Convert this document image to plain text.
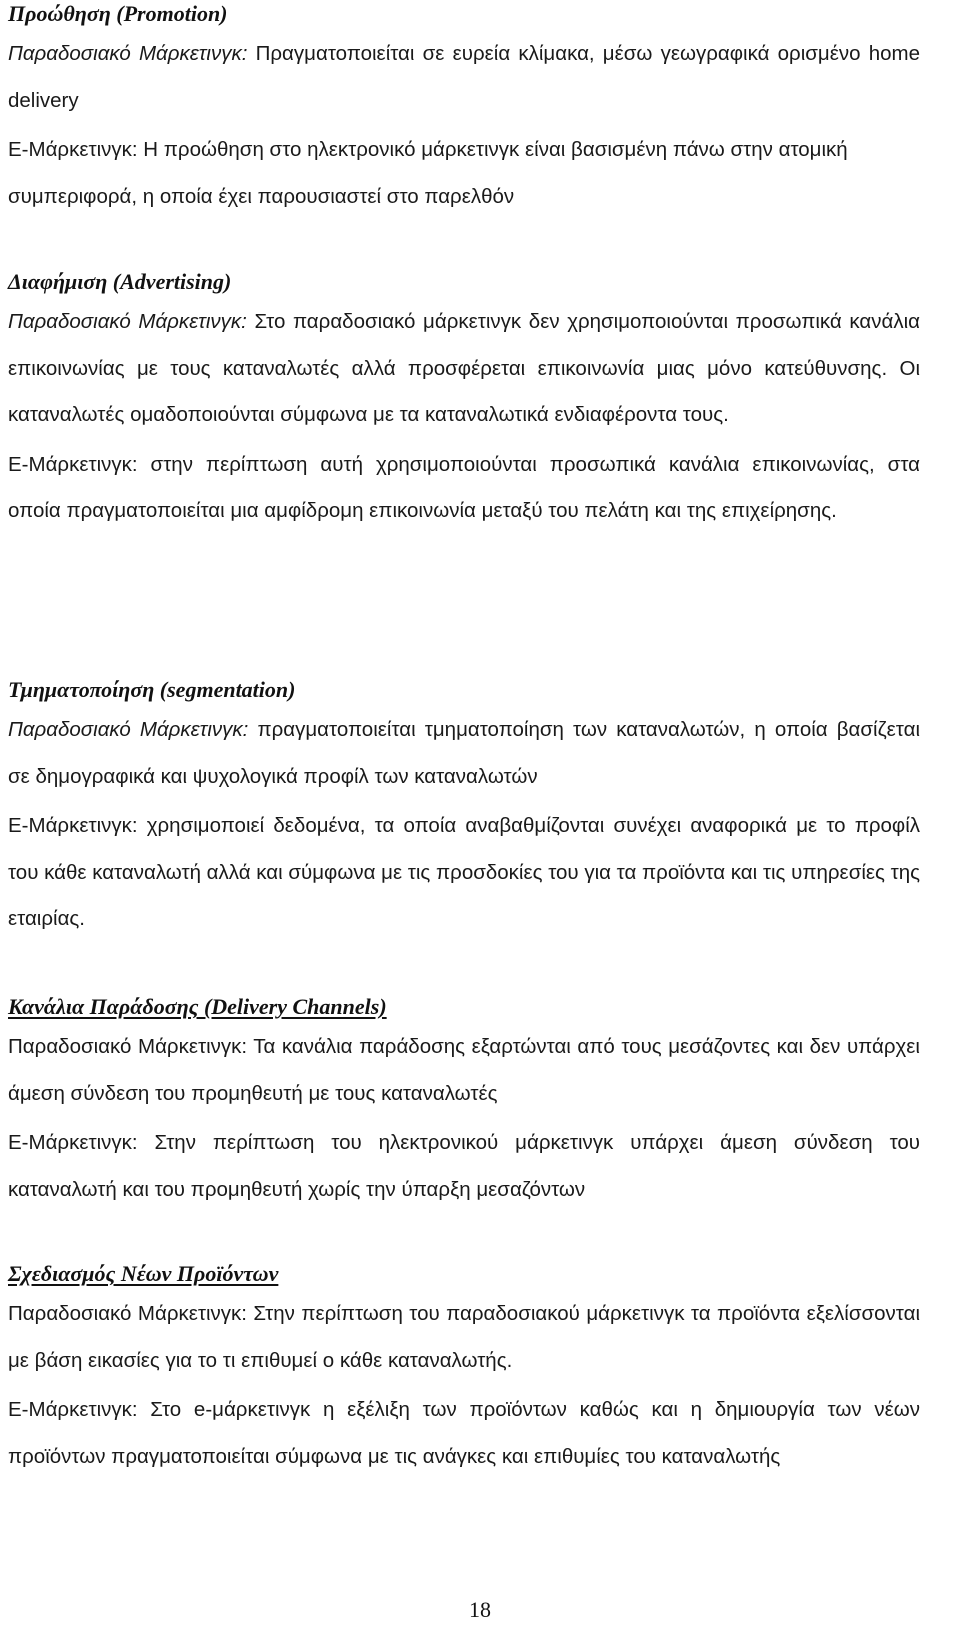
Προώθηση (Promotion)

Παραδοσιακό Μάρκετινγκ: Πραγματοποιείται σε ευρεία κλίμακα, μέσω γεωγραφικά ορισμένο home delivery

Ε-Μάρκετινγκ: Η προώθηση στο ηλεκτρονικό μάρκετινγκ είναι βασισμένη πάνω στην ατομική συμπεριφορά, η οποία έχει παρουσιαστεί στο παρελθόν

Διαφήμιση (Advertising)

Παραδοσιακό Μάρκετινγκ: Στο παραδοσιακό μάρκετινγκ δεν χρησιμοποιούνται προσωπικά κανάλια επικοινωνίας με τους καταναλωτές αλλά προσφέρεται επικοινωνία μιας μόνο κατεύθυνσης. Οι καταναλωτές ομαδοποιούνται σύμφωνα με τα καταναλωτικά ενδιαφέροντα τους.

Ε-Μάρκετινγκ: στην περίπτωση αυτή χρησιμοποιούνται προσωπικά κανάλια επικοινωνίας, στα οποία πραγματοποιείται μια αμφίδρομη επικοινωνία μεταξύ του πελάτη και της επιχείρησης.

Τμηματοποίηση (segmentation)

Παραδοσιακό Μάρκετινγκ: πραγματοποιείται τμηματοποίηση των καταναλωτών, η οποία βασίζεται σε δημογραφικά και ψυχολογικά προφίλ των καταναλωτών

Ε-Μάρκετινγκ: χρησιμοποιεί δεδομένα, τα οποία αναβαθμίζονται συνέχει αναφορικά με το προφίλ του κάθε καταναλωτή αλλά και σύμφωνα με τις προσδοκίες του για τα προϊόντα και τις υπηρεσίες της εταιρίας.

Κανάλια Παράδοσης (Delivery Channels)

Παραδοσιακό Μάρκετινγκ: Τα κανάλια παράδοσης εξαρτώνται από τους μεσάζοντες και δεν υπάρχει άμεση σύνδεση του προμηθευτή με τους καταναλωτές

Ε-Μάρκετινγκ: Στην περίπτωση του ηλεκτρονικού μάρκετινγκ υπάρχει άμεση σύνδεση του καταναλωτή και του προμηθευτή χωρίς την ύπαρξη μεσαζόντων

Σχεδιασμός Νέων Προϊόντων

Παραδοσιακό Μάρκετινγκ: Στην περίπτωση του παραδοσιακού μάρκετινγκ τα προϊόντα εξελίσσονται με βάση εικασίες για το τι επιθυμεί ο κάθε καταναλωτής.

Ε-Μάρκετινγκ: Στο e-μάρκετινγκ η εξέλιξη των προϊόντων καθώς και η δημιουργία των νέων προϊόντων πραγματοποιείται σύμφωνα με τις ανάγκες και επιθυμίες του καταναλωτής

18
